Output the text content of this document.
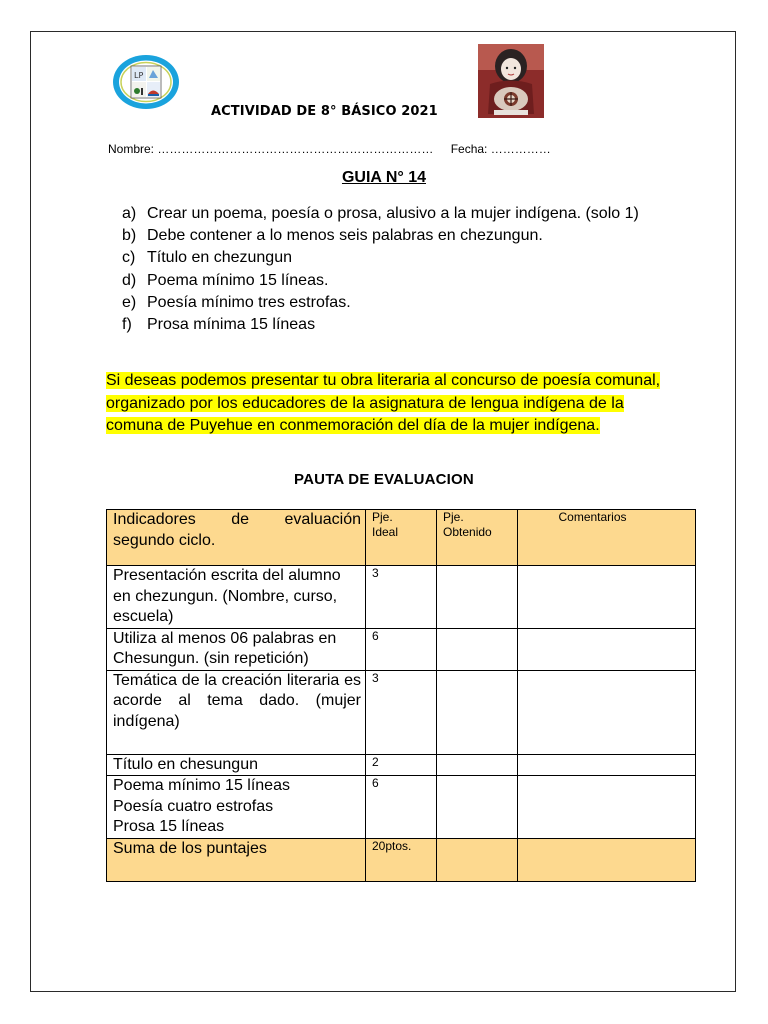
LP
ACTIVIDAD DE 8° BÁSICO 2021
Nombre: …………………………………………………………… Fecha: ……………
GUIA N° 14
a) Crear un poema, poesía o prosa, alusivo a la mujer indígena. (solo 1)
b) Debe contener a lo menos seis palabras en chezungun.
c) Título en chezungun
d) Poema mínimo 15 líneas.
e) Poesía mínimo tres estrofas.
f) Prosa mínima 15 líneas
Si deseas podemos presentar tu obra literaria al concurso de poesía comunal, organizado por los educadores de la asignatura de lengua indígena de la comuna de Puyehue en conmemoración del día de la mujer indígena.
PAUTA DE EVALUACION
Indicadores de evaluación segundo ciclo.	Pje. Ideal	Pje. Obtenido	Comentarios

Presentación escrita del alumno en chezungun. (Nombre, curso, escuela)	3		
Utiliza al menos 06 palabras en Chesungun. (sin repetición)	6		

Temática de la creación literaria es acorde al tema dado. (mujer indígena)	3		
Título en chesungun	2		
Poema mínimo 15 líneas
Poesía cuatro estrofas
Prosa 15 líneas	6		
Suma de los puntajes	20ptos.		
